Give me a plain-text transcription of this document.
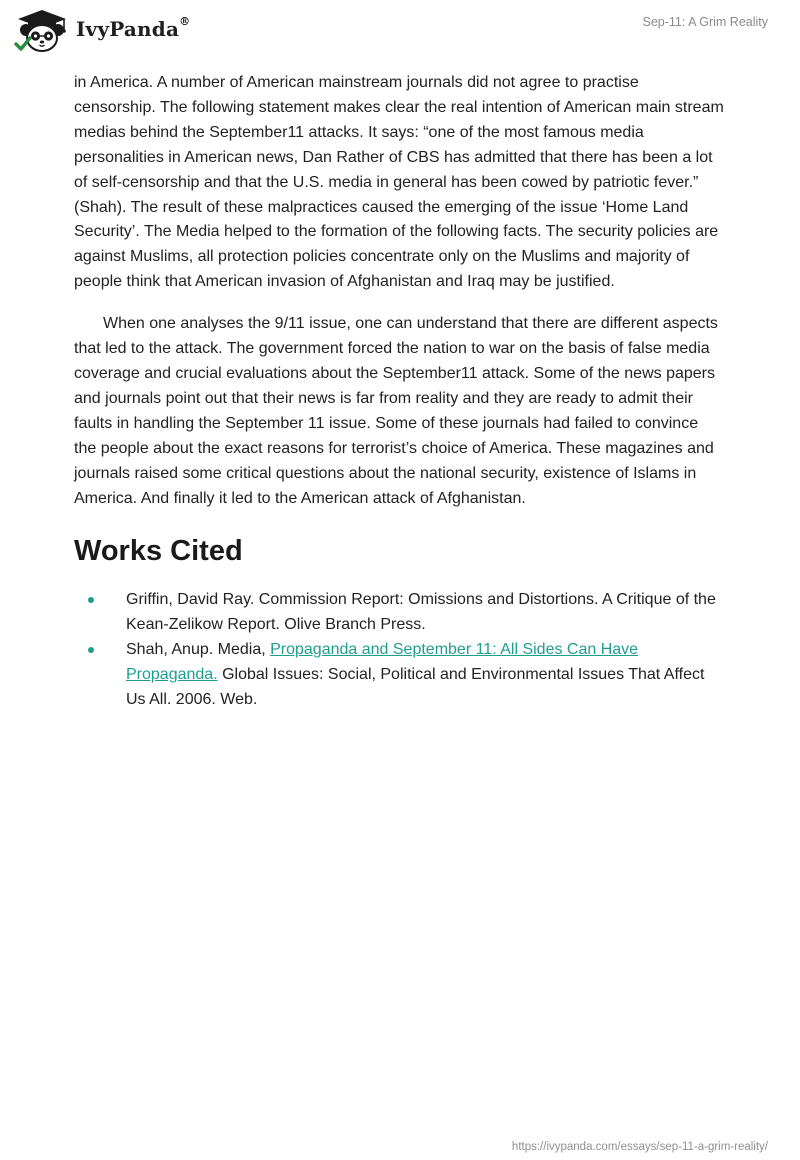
IvyPanda®	Sep-11: A Grim Reality

in America. A number of American mainstream journals did not agree to practise censorship. The following statement makes clear the real intention of American main stream medias behind the September11 attacks. It says: “one of the most famous media personalities in American news, Dan Rather of CBS has admitted that there has been a lot of self-censorship and that the U.S. media in general has been cowed by patriotic fever.” (Shah). The result of these malpractices caused the emerging of the issue ‘Home Land Security’. The Media helped to the formation of the following facts. The security policies are against Muslims, all protection policies concentrate only on the Muslims and majority of people think that American invasion of Afghanistan and Iraq may be justified.

When one analyses the 9/11 issue, one can understand that there are different aspects that led to the attack. The government forced the nation to war on the basis of false media coverage and crucial evaluations about the September11 attack. Some of the news papers and journals point out that their news is far from reality and they are ready to admit their faults in handling the September 11 issue. Some of these journals had failed to convince the people about the exact reasons for terrorist’s choice of America. These magazines and journals raised some critical questions about the national security, existence of Islams in America. And finally it led to the American attack of Afghanistan.

Works Cited
Griffin, David Ray. Commission Report: Omissions and Distortions. A Critique of the Kean-Zelikow Report. Olive Branch Press.
Shah, Anup. Media, Propaganda and September 11: All Sides Can Have Propaganda. Global Issues: Social, Political and Environmental Issues That Affect Us All. 2006. Web.
https://ivypanda.com/essays/sep-11-a-grim-reality/
